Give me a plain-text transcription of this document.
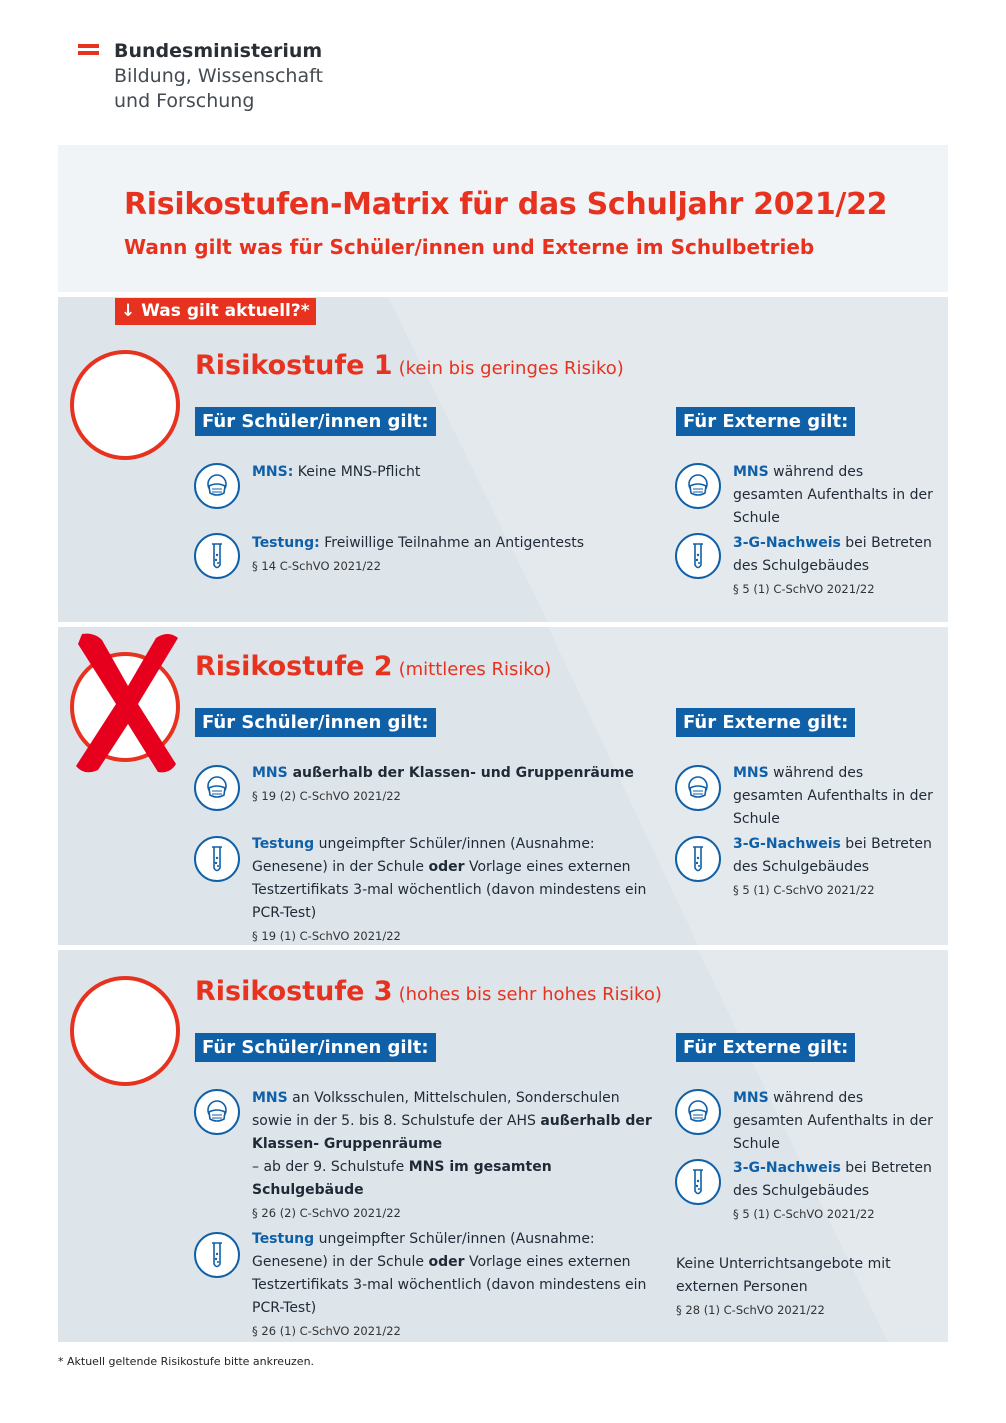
Bundesministerium
Bildung, Wissenschaft
und Forschung
Risikostufen-Matrix für das Schuljahr 2021/22
Wann gilt was für Schüler/innen und Externe im Schulbetrieb
↓ Was gilt aktuell?*
Risikostufe 1 (kein bis geringes Risiko)
Für Schüler/innen gilt:	Für Externe gilt:
MNS: Keine MNS-Pflicht
Testung: Freiwillige Teilnahme an Antigentests
§ 14 C-SchVO 2021/22
MNS während des gesamten Aufenthalts in der Schule
3-G-Nachweis bei Betreten des Schulgebäudes
§ 5 (1) C-SchVO 2021/22
Risikostufe 2 (mittleres Risiko)
Für Schüler/innen gilt:	Für Externe gilt:
MNS außerhalb der Klassen- und Gruppenräume
§ 19 (2) C-SchVO 2021/22
Testung ungeimpfter Schüler/innen (Ausnahme: Genesene) in der Schule oder Vorlage eines externen Testzertifikats 3-mal wöchentlich (davon mindestens ein PCR-Test)
§ 19 (1) C-SchVO 2021/22
MNS während des gesamten Aufenthalts in der Schule
3-G-Nachweis bei Betreten des Schulgebäudes
§ 5 (1) C-SchVO 2021/22
Risikostufe 3 (hohes bis sehr hohes Risiko)
Für Schüler/innen gilt:	Für Externe gilt:
MNS an Volksschulen, Mittelschulen, Sonderschulen sowie in der 5. bis 8. Schulstufe der AHS außerhalb der Klassen- Gruppenräume
– ab der 9. Schulstufe MNS im gesamten Schulgebäude
§ 26 (2) C-SchVO 2021/22
Testung ungeimpfter Schüler/innen (Ausnahme: Genesene) in der Schule oder Vorlage eines externen Testzertifikats 3-mal wöchentlich (davon mindestens ein PCR-Test)
§ 26 (1) C-SchVO 2021/22
MNS während des gesamten Aufenthalts in der Schule
3-G-Nachweis bei Betreten des Schulgebäudes
§ 5 (1) C-SchVO 2021/22
Keine Unterrichtsangebote mit externen Personen
§ 28 (1) C-SchVO 2021/22
* Aktuell geltende Risikostufe bitte ankreuzen.
